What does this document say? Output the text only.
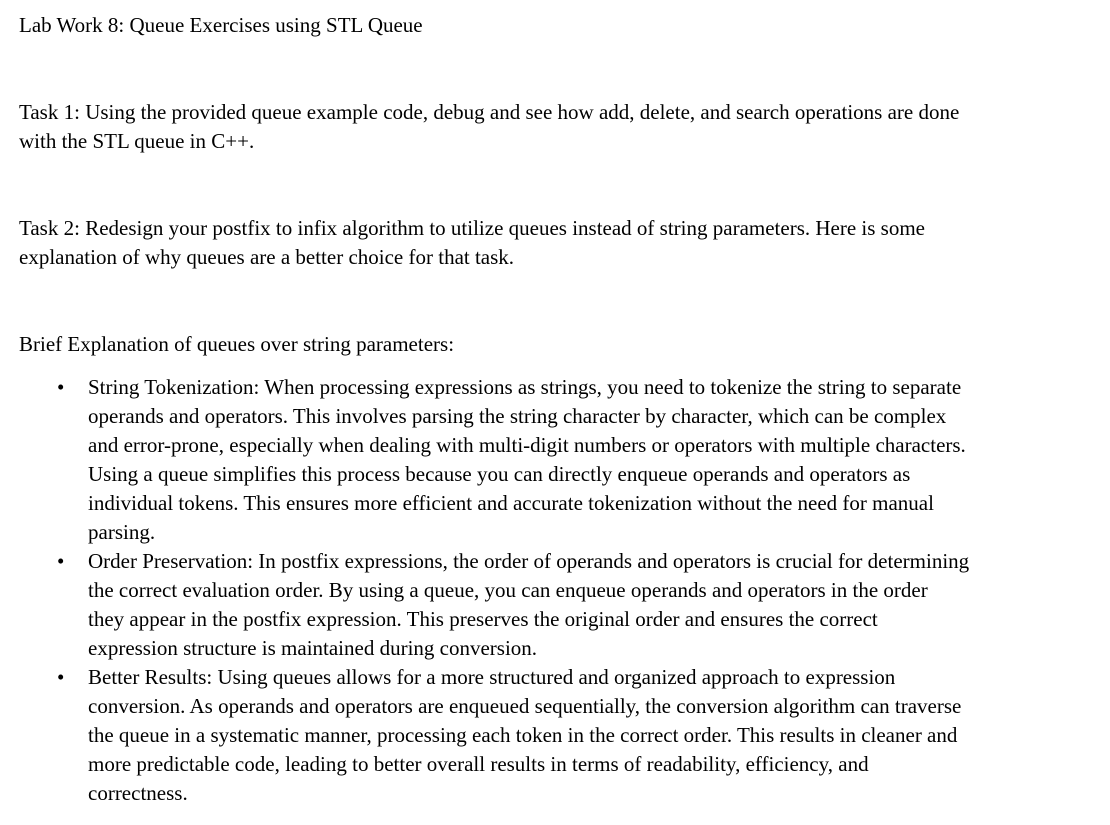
Lab Work 8: Queue Exercises using STL Queue
Task 1: Using the provided queue example code, debug and see how add, delete, and search operations are done
with the STL queue in C++.
Task 2: Redesign your postfix to infix algorithm to utilize queues instead of string parameters. Here is some
explanation of why queues are a better choice for that task.
Brief Explanation of queues over string parameters:
• String Tokenization: When processing expressions as strings, you need to tokenize the string to separate
operands and operators. This involves parsing the string character by character, which can be complex
and error-prone, especially when dealing with multi-digit numbers or operators with multiple characters.
Using a queue simplifies this process because you can directly enqueue operands and operators as
individual tokens. This ensures more efficient and accurate tokenization without the need for manual
parsing.
• Order Preservation: In postfix expressions, the order of operands and operators is crucial for determining
the correct evaluation order. By using a queue, you can enqueue operands and operators in the order
they appear in the postfix expression. This preserves the original order and ensures the correct
expression structure is maintained during conversion.
• Better Results: Using queues allows for a more structured and organized approach to expression
conversion. As operands and operators are enqueued sequentially, the conversion algorithm can traverse
the queue in a systematic manner, processing each token in the correct order. This results in cleaner and
more predictable code, leading to better overall results in terms of readability, efficiency, and
correctness.
